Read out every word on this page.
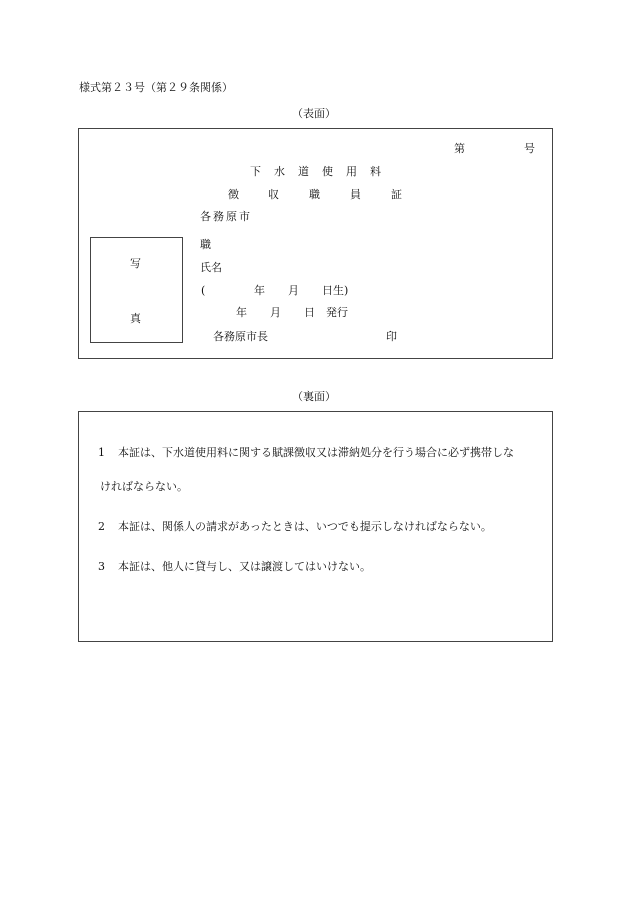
様式第２３号（第２９条関係）
（表面）
第	号
下 水 道 使 用 料
徴	収	職	員	証
各務原市
写
真
職
氏名
(	年 月 日生)
年 月 日 発行
各務原市長	印
（裏面）
1 本証は、下水道使用料に関する賦課徴収又は滞納処分を行う場合に必ず携帯しな
ければならない。
2 本証は、関係人の請求があったときは、いつでも提示しなければならない。
3 本証は、他人に貸与し、又は譲渡してはいけない。
